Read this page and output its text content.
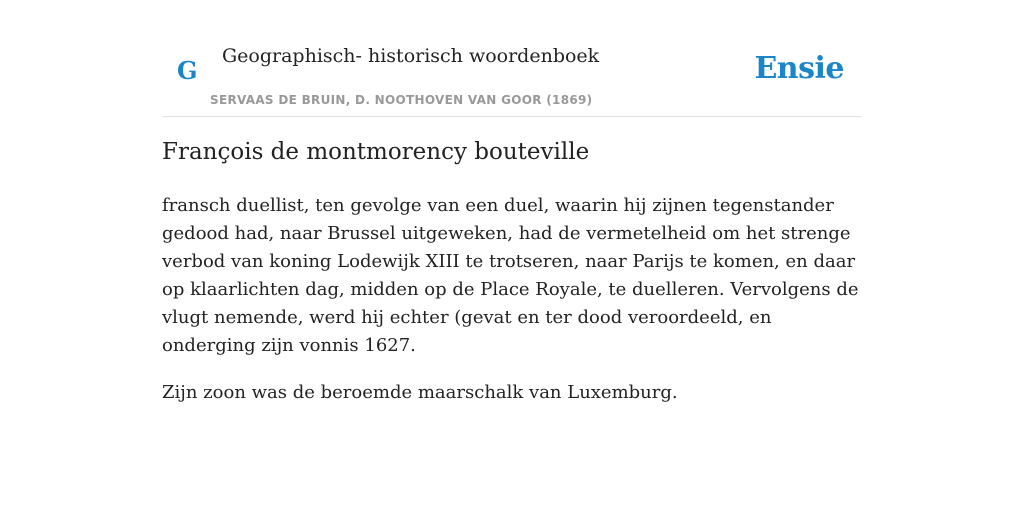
G Geographisch- historisch woordenboek
SERVAAS DE BRUIN, D. NOOTHOVEN VAN GOOR (1869)
Ensie
François de montmorency bouteville

fransch duellist, ten gevolge van een duel, waarin hij zijnen tegenstander gedood had, naar Brussel uitgeweken, had de vermetelheid om het strenge verbod van koning Lodewijk XIII te trotseren, naar Parijs te komen, en daar op klaarlichten dag, midden op de Place Royale, te duelleren. Vervolgens de vlugt nemende, werd hij echter (gevat en ter dood veroordeeld, en onderging zijn vonnis 1627.

Zijn zoon was de beroemde maarschalk van Luxemburg.
